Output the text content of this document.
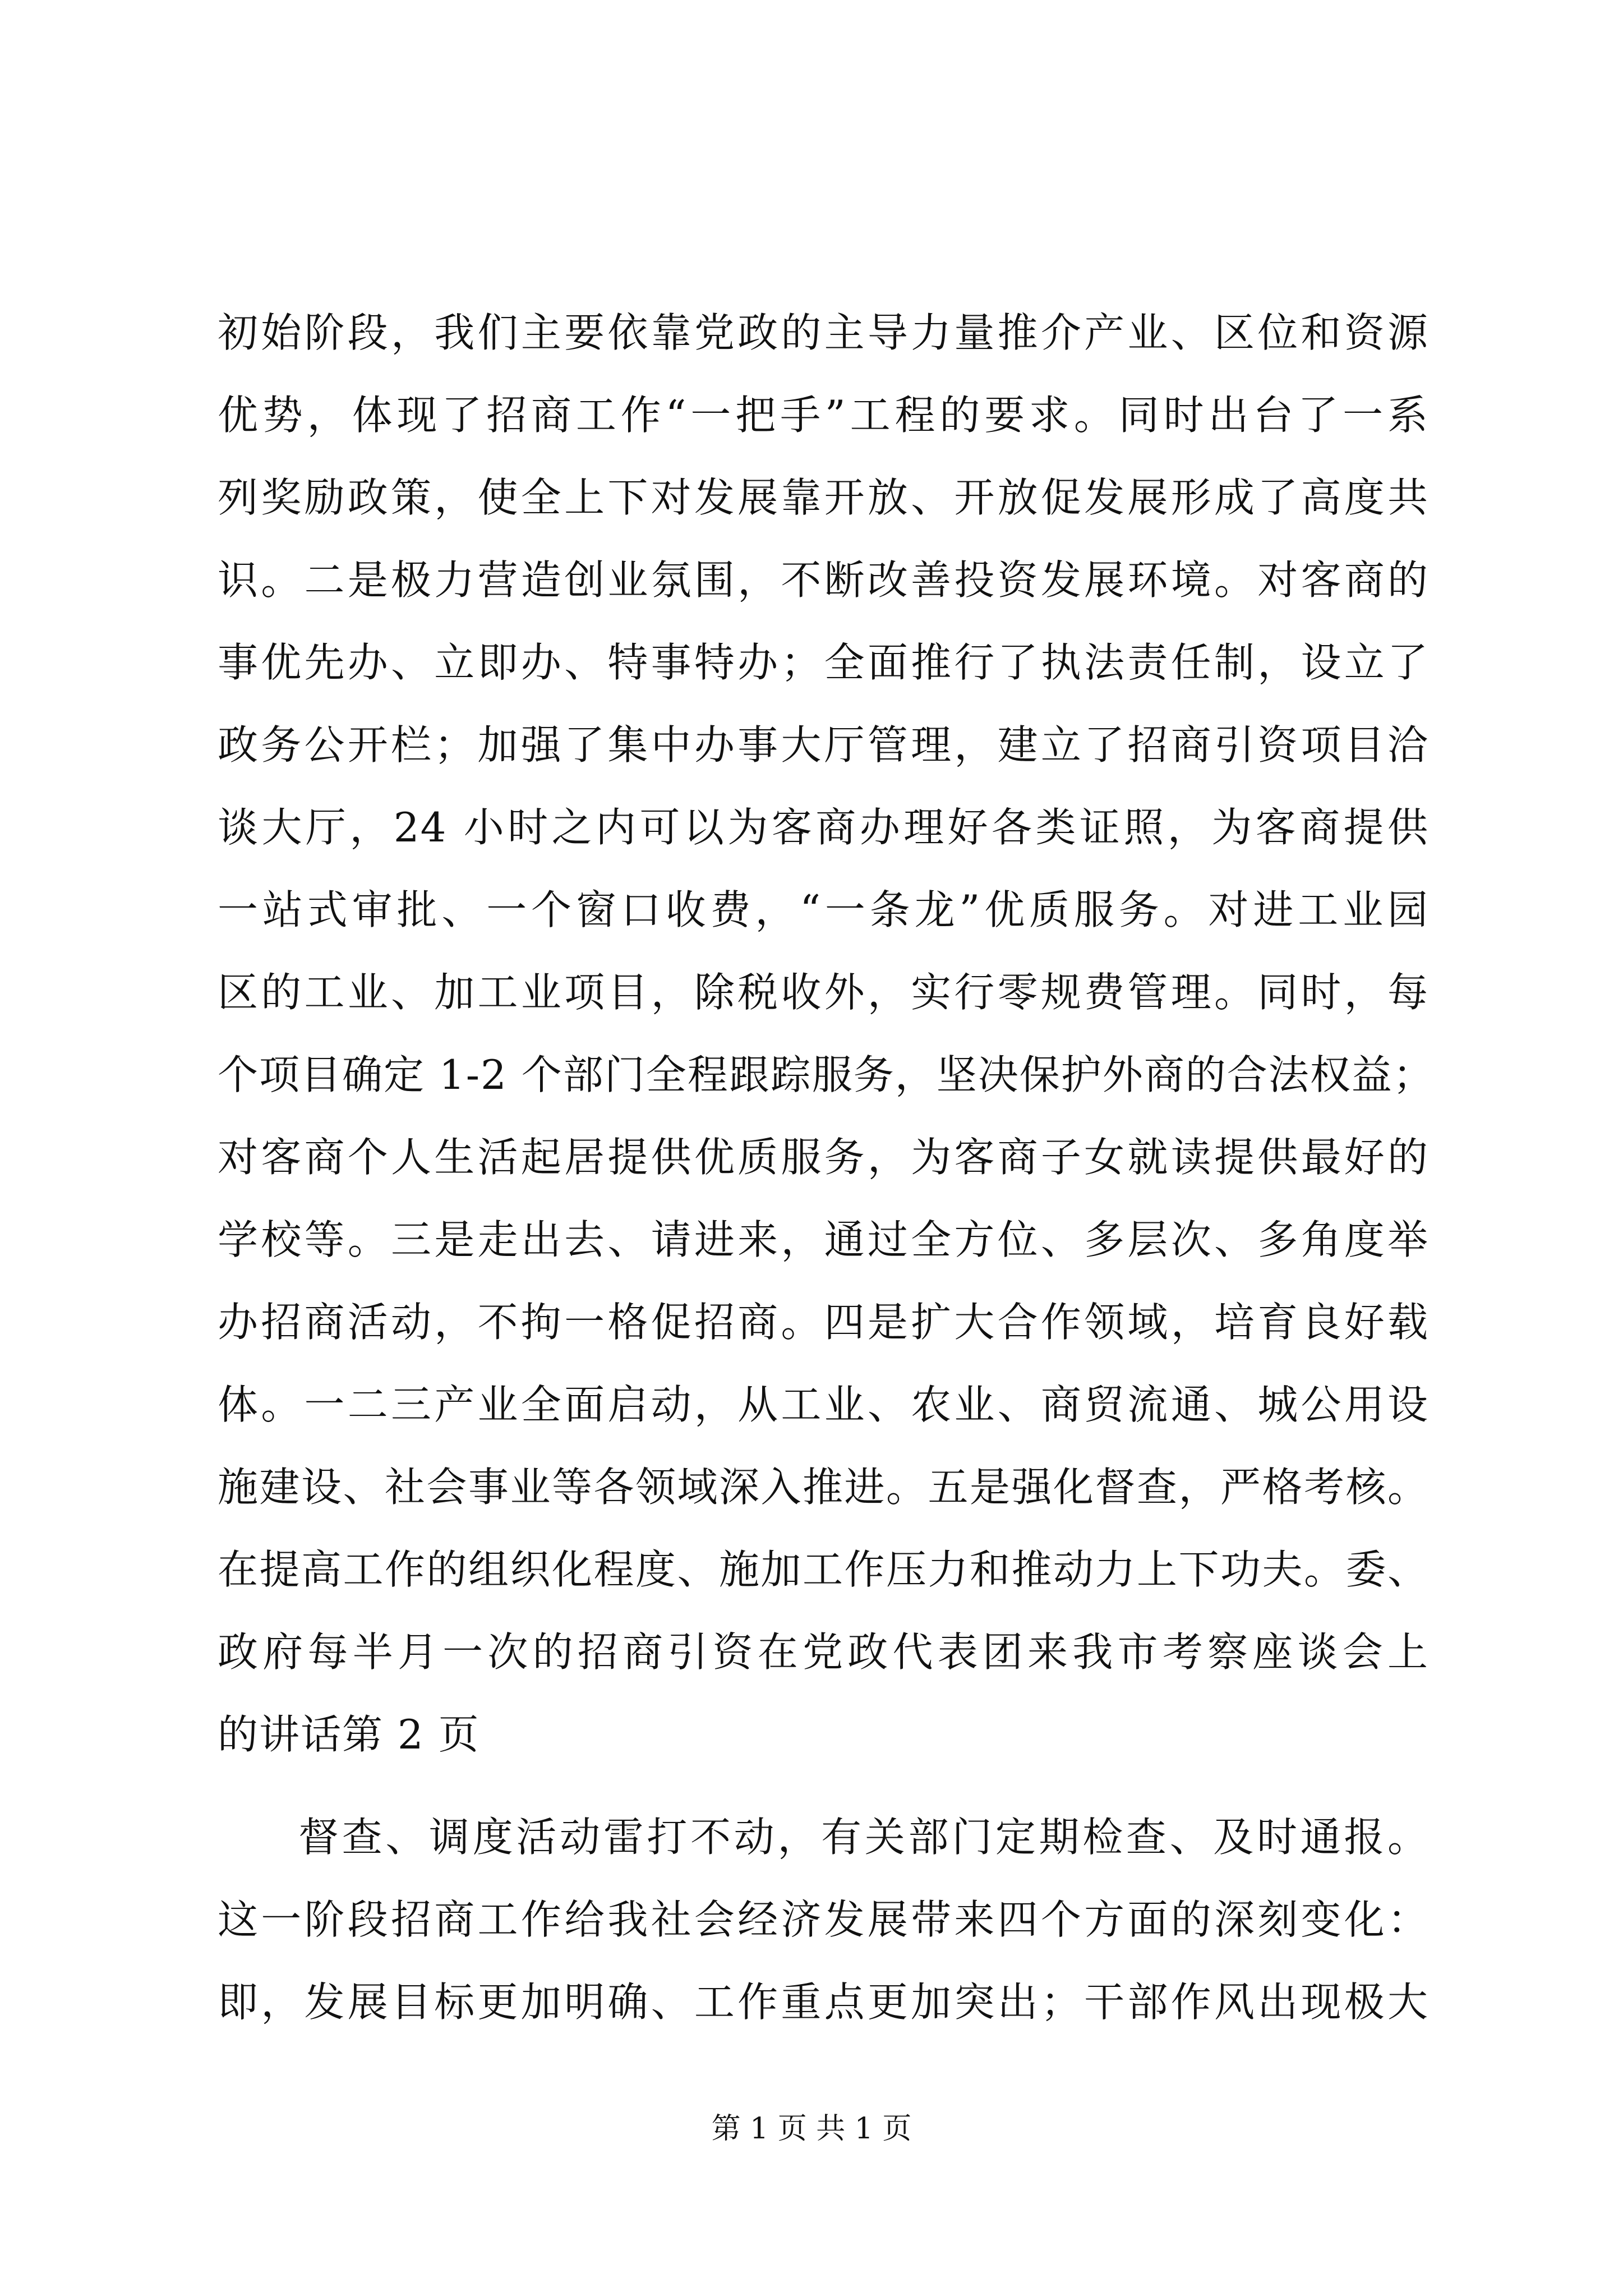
初始阶段，我们主要依靠党政的主导力量推介产业、区位和资源
优势，体现了招商工作“一把手”工程的要求。同时出台了一系
列奖励政策，使全上下对发展靠开放、开放促发展形成了高度共
识。二是极力营造创业氛围，不断改善投资发展环境。对客商的
事优先办、立即办、特事特办；全面推行了执法责任制，设立了
政务公开栏；加强了集中办事大厅管理，建立了招商引资项目洽
谈大厅，24 小时之内可以为客商办理好各类证照，为客商提供
一站式审批、一个窗口收费，“一条龙”优质服务。对进工业园
区的工业、加工业项目，除税收外，实行零规费管理。同时，每
个项目确定 1-2 个部门全程跟踪服务，坚决保护外商的合法权益；
对客商个人生活起居提供优质服务，为客商子女就读提供最好的
学校等。三是走出去、请进来，通过全方位、多层次、多角度举
办招商活动，不拘一格促招商。四是扩大合作领域，培育良好载
体。一二三产业全面启动，从工业、农业、商贸流通、城公用设
施建设、社会事业等各领域深入推进。五是强化督查，严格考核。
在提高工作的组织化程度、施加工作压力和推动力上下功夫。委、
政府每半月一次的招商引资在党政代表团来我市考察座谈会上
的讲话第 2 页
督查、调度活动雷打不动，有关部门定期检查、及时通报。
这一阶段招商工作给我社会经济发展带来四个方面的深刻变化：
即，发展目标更加明确、工作重点更加突出；干部作风出现极大
第 1 页 共 1 页
